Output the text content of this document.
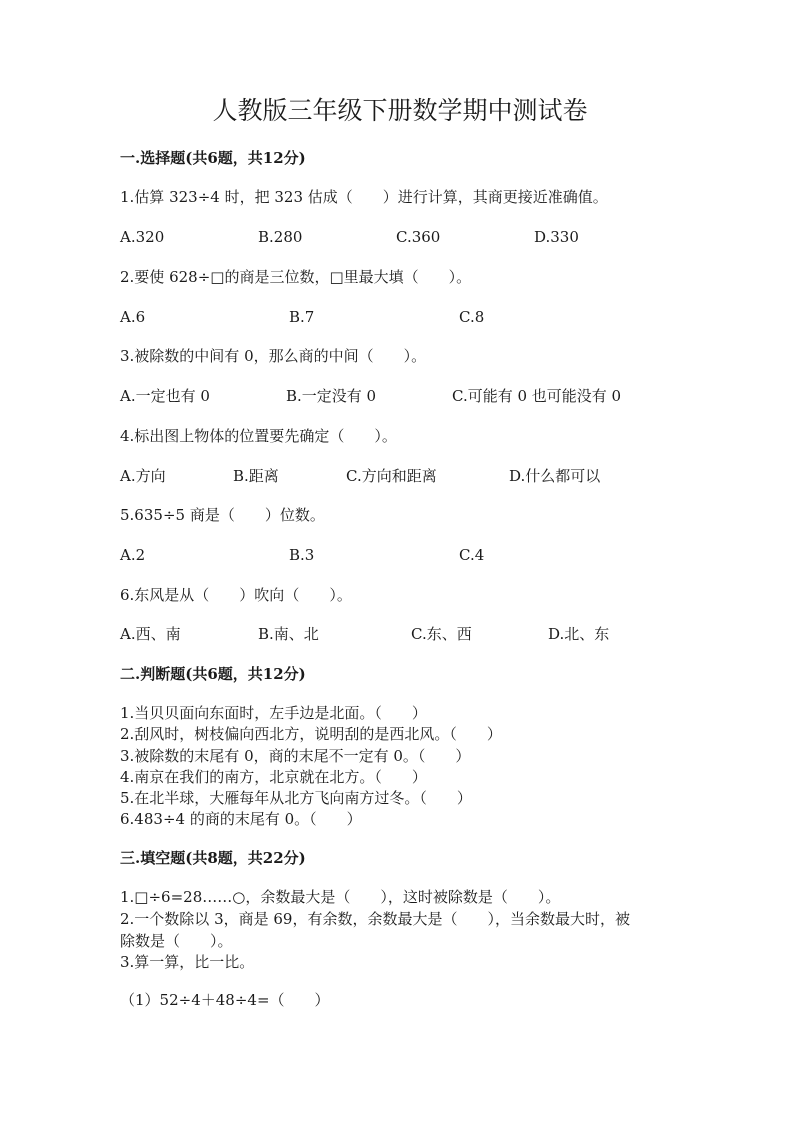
人教版三年级下册数学期中测试卷
一.选择题(共6题，共12分)
1.估算 323÷4 时，把 323 估成（　　）进行计算，其商更接近准确值。
A.320	B.280	C.360	D.330
2.要使 628÷□的商是三位数，□里最大填（　　）。
A.6	B.7	C.8
3.被除数的中间有 0，那么商的中间（　　）。
A.一定也有 0	B.一定没有 0	C.可能有 0 也可能没有 0
4.标出图上物体的位置要先确定（　　）。
A.方向	B.距离	C.方向和距离	D.什么都可以
5.635÷5 商是（　　）位数。
A.2	B.3	C.4
6.东风是从（　　）吹向（　　）。
A.西、南	B.南、北	C.东、西	D.北、东
二.判断题(共6题，共12分)
1.当贝贝面向东面时，左手边是北面。（　　）
2.刮风时，树枝偏向西北方，说明刮的是西北风。（　　）
3.被除数的末尾有 0，商的末尾不一定有 0。（　　）
4.南京在我们的南方，北京就在北方。（　　）
5.在北半球，大雁每年从北方飞向南方过冬。（　　）
6.483÷4 的商的末尾有 0。（　　）
三.填空题(共8题，共22分)
1.□÷6=28……○，余数最大是（　　），这时被除数是（　　）。
2.一个数除以 3，商是 69，有余数，余数最大是（　　），当余数最大时，被
除数是（　　）。
3.算一算，比一比。
（1）52÷4＋48÷4=（　　）
